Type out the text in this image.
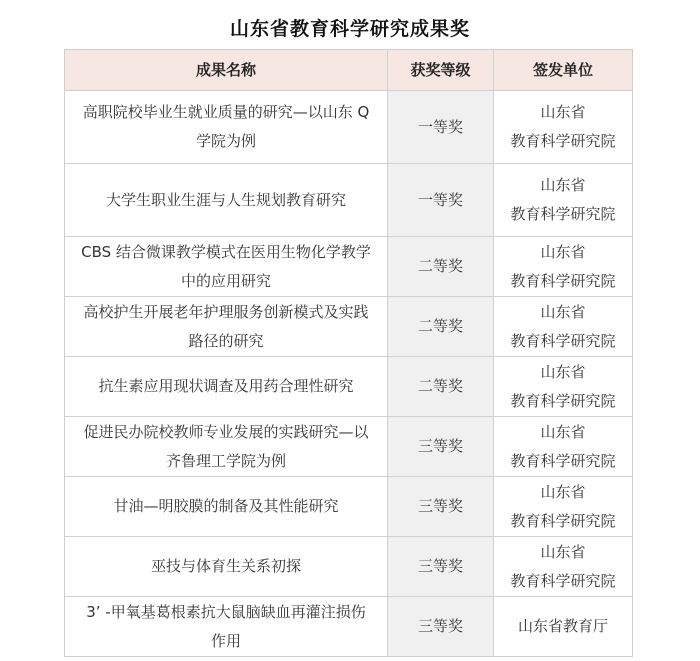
山东省教育科学研究成果奖
成果名称	获奖等级	签发单位

高职院校毕业生就业质量的研究—以山东 Q
学院为例	一等奖	山东省
教育科学研究院

大学生职业生涯与人生规划教育研究	一等奖	山东省
教育科学研究院

CBS 结合微课教学模式在医用生物化学教学
中的应用研究	二等奖	山东省
教育科学研究院

高校护生开展老年护理服务创新模式及实践
路径的研究	二等奖	山东省
教育科学研究院

抗生素应用现状调查及用药合理性研究	二等奖	山东省
教育科学研究院

促进民办院校教师专业发展的实践研究—以
齐鲁理工学院为例	三等奖	山东省
教育科学研究院

甘油—明胶膜的制备及其性能研究	三等奖	山东省
教育科学研究院

巫技与体育生关系初探	三等奖	山东省
教育科学研究院

3’ -甲氧基葛根素抗大鼠脑缺血再灌注损伤
作用	三等奖	山东省教育厅
